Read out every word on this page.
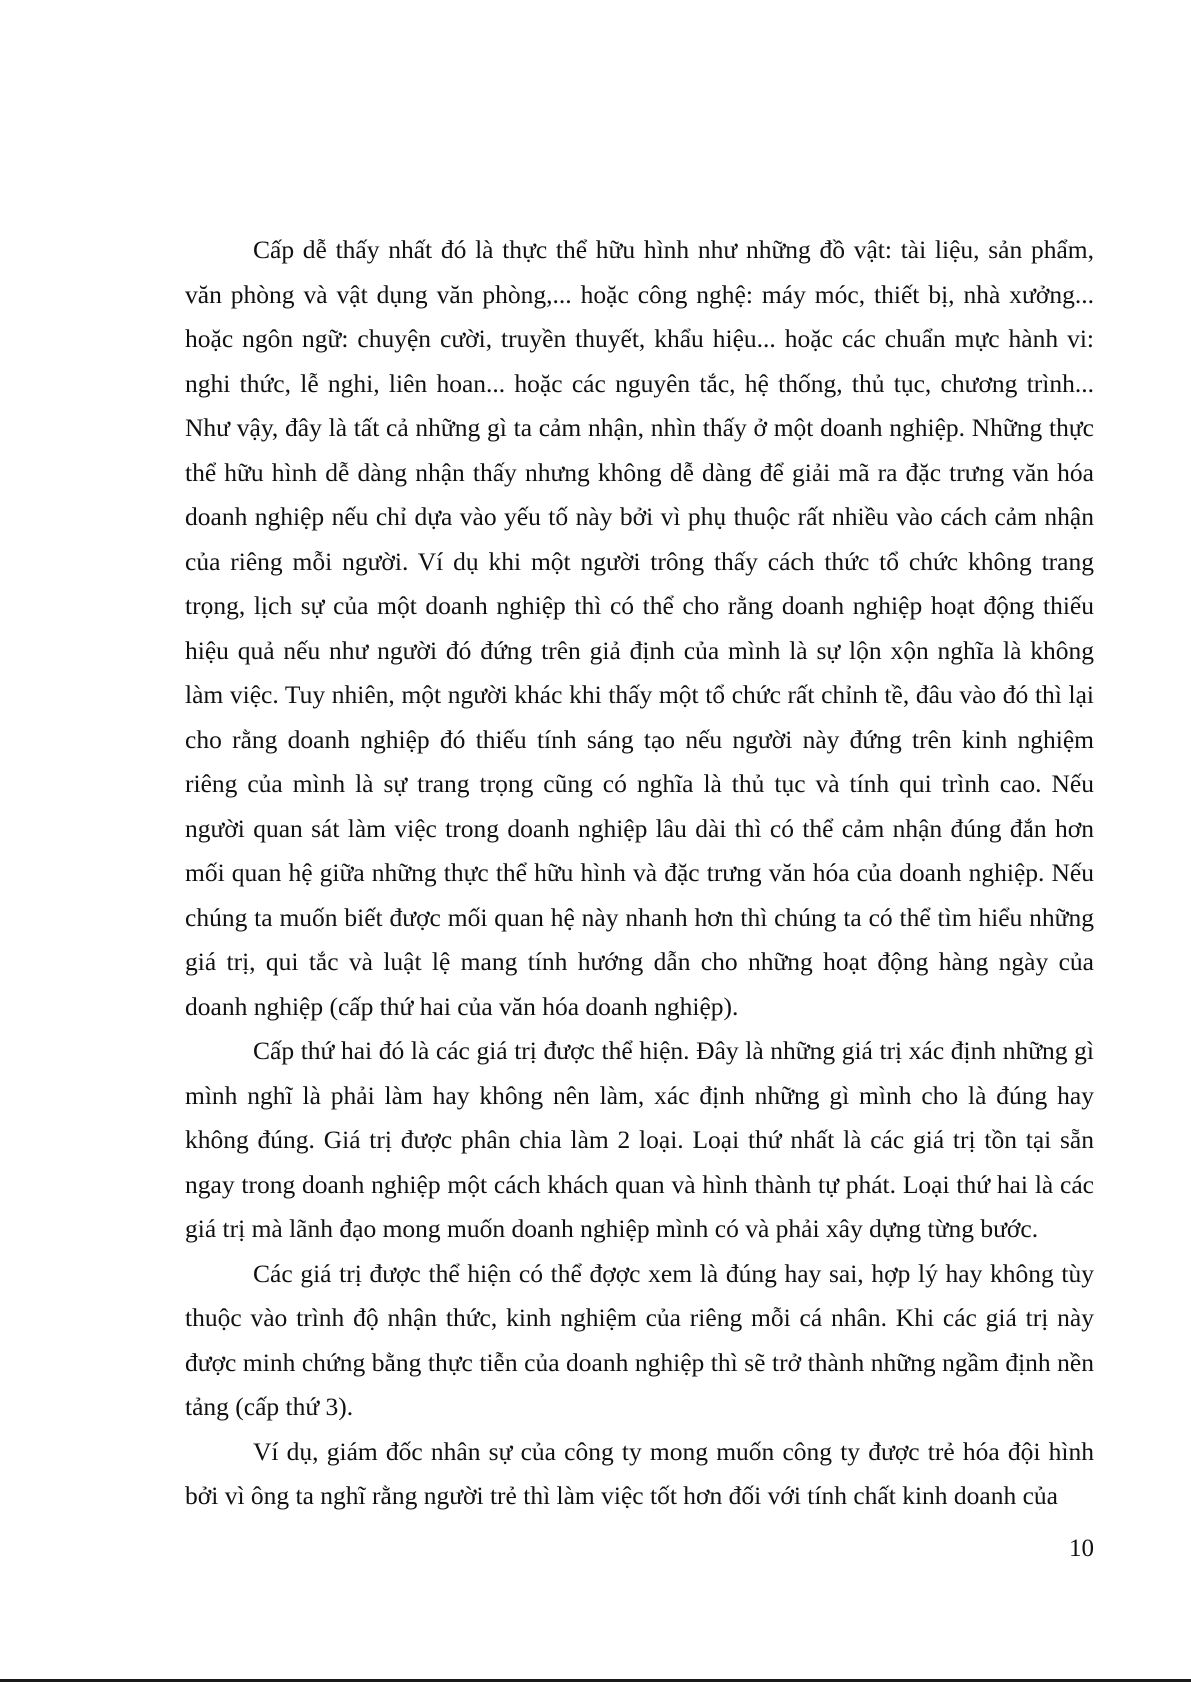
Cấp dễ thấy nhất đó là thực thể hữu hình như những đồ vật: tài liệu, sản phẩm, văn phòng và vật dụng văn phòng,... hoặc công nghệ: máy móc, thiết bị, nhà xưởng... hoặc ngôn ngữ: chuyện cười, truyền thuyết, khẩu hiệu... hoặc các chuẩn mực hành vi: nghi thức, lễ nghi, liên hoan... hoặc các nguyên tắc, hệ thống, thủ tục, chương trình... Như vậy, đây là tất cả những gì ta cảm nhận, nhìn thấy ở một doanh nghiệp. Những thực thể hữu hình dễ dàng nhận thấy nhưng không dễ dàng để giải mã ra đặc trưng văn hóa doanh nghiệp nếu chỉ dựa vào yếu tố này bởi vì phụ thuộc rất nhiều vào cách cảm nhận của riêng mỗi người. Ví dụ khi một người trông thấy cách thức tổ chức không trang trọng, lịch sự của một doanh nghiệp thì có thể cho rằng doanh nghiệp hoạt động thiếu hiệu quả nếu như người đó đứng trên giả định của mình là sự lộn xộn nghĩa là không làm việc. Tuy nhiên, một người khác khi thấy một tổ chức rất chỉnh tề, đâu vào đó thì lại cho rằng doanh nghiệp đó thiếu tính sáng tạo nếu người này đứng trên kinh nghiệm riêng của mình là sự trang trọng cũng có nghĩa là thủ tục và tính qui trình cao. Nếu người quan sát làm việc trong doanh nghiệp lâu dài thì có thể cảm nhận đúng đắn hơn mối quan hệ giữa những thực thể hữu hình và đặc trưng văn hóa của doanh nghiệp. Nếu chúng ta muốn biết được mối quan hệ này nhanh hơn thì chúng ta có thể tìm hiểu những giá trị, qui tắc và luật lệ mang tính hướng dẫn cho những hoạt động hàng ngày của doanh nghiệp (cấp thứ hai của văn hóa doanh nghiệp).

Cấp thứ hai đó là các giá trị được thể hiện. Đây là những giá trị xác định những gì mình nghĩ là phải làm hay không nên làm, xác định những gì mình cho là đúng hay không đúng. Giá trị được phân chia làm 2 loại. Loại thứ nhất là các giá trị tồn tại sẵn ngay trong doanh nghiệp một cách khách quan và hình thành tự phát. Loại thứ hai là các giá trị mà lãnh đạo mong muốn doanh nghiệp mình có và phải xây dựng từng bước.

Các giá trị được thể hiện có thể đợợc xem là đúng hay sai, hợp lý hay không tùy thuộc vào trình độ nhận thức, kinh nghiệm của riêng mỗi cá nhân. Khi các giá trị này được minh chứng bằng thực tiễn của doanh nghiệp thì sẽ trở thành những ngầm định nền tảng (cấp thứ 3).

Ví dụ, giám đốc nhân sự của công ty mong muốn công ty được trẻ hóa đội hình bởi vì ông ta nghĩ rằng người trẻ thì làm việc tốt hơn đối với tính chất kinh doanh của

10
